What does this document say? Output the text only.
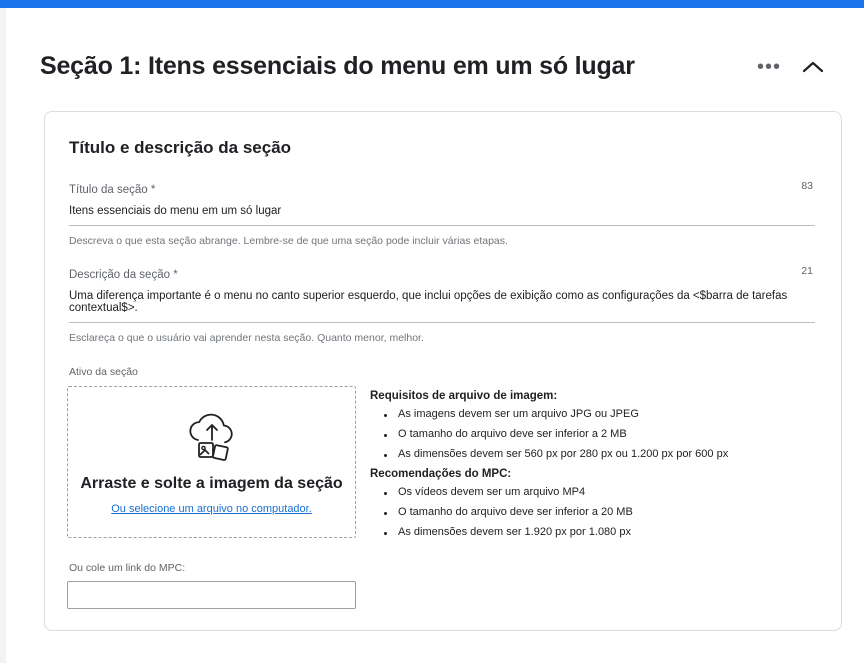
Seção 1: Itens essenciais do menu em um só lugar	•••
Título e descrição da seção
83
Título da seção *
Itens essenciais do menu em um só lugar
Descreva o que esta seção abrange. Lembre-se de que uma seção pode incluir várias etapas.
21
Descrição da seção *
Uma diferença importante é o menu no canto superior esquerdo, que inclui opções de exibição como as configurações da <$barra de tarefas contextual$>.
Esclareça o que o usuário vai aprender nesta seção. Quanto menor, melhor.
Ativo da seção
Arraste e solte a imagem da seção
Ou selecione um arquivo no computador.
Requisitos de arquivo de imagem:
As imagens devem ser um arquivo JPG ou JPEG
O tamanho do arquivo deve ser inferior a 2 MB
As dimensões devem ser 560 px por 280 px ou 1.200 px por 600 px
Recomendações do MPC:
Os vídeos devem ser um arquivo MP4
O tamanho do arquivo deve ser inferior a 20 MB
As dimensões devem ser 1.920 px por 1.080 px
Ou cole um link do MPC:
